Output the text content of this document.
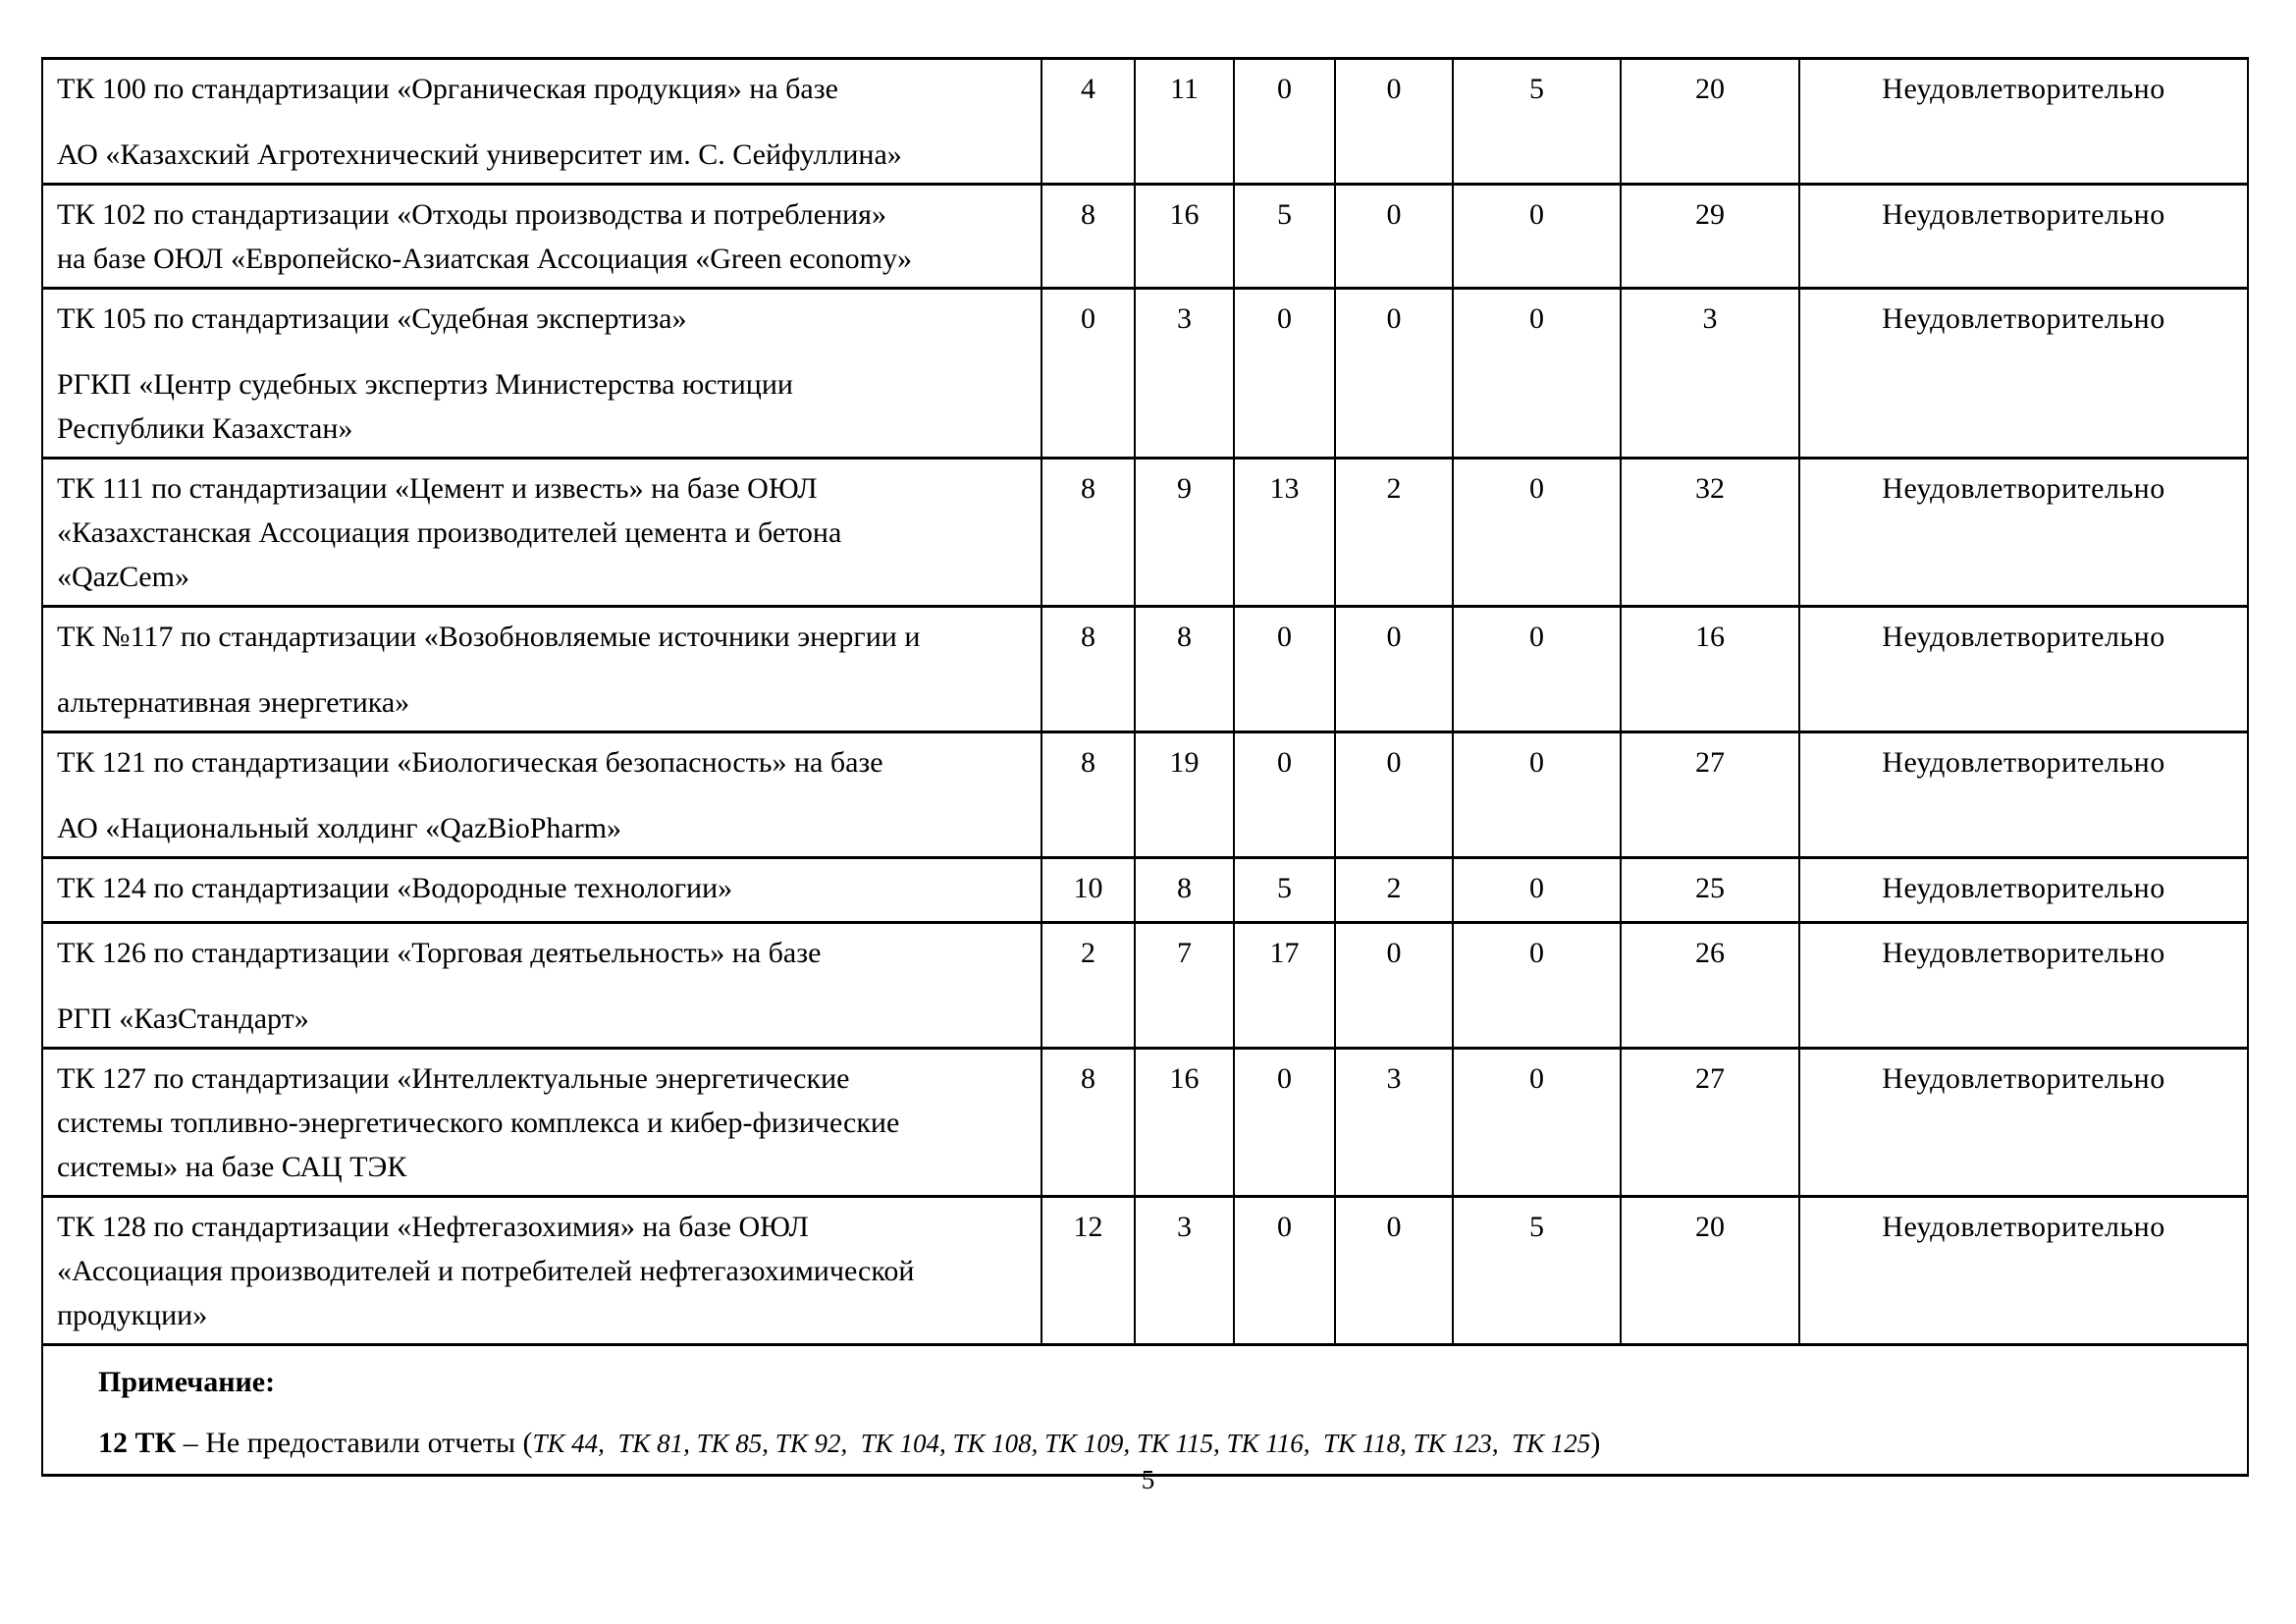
ТК 100 по стандартизации «Органическая продукция» на базе
АО «Казахский Агротехнический университет им. С. Сейфуллина»	4	11	0	0	5	20	Неудовлетворительно

ТК 102 по стандартизации «Отходы производства и потребления»
на базе ОЮЛ «Европейско-Азиатская Ассоциация «Green economy»	8	16	5	0	0	29	Неудовлетворительно

ТК 105 по стандартизации «Судебная экспертиза»
РГКП «Центр судебных экспертиз Министерства юстиции
Республики Казахстан»	0	3	0	0	0	3	Неудовлетворительно

ТК 111 по стандартизации «Цемент и известь» на базе ОЮЛ
«Казахстанская Ассоциация производителей цемента и бетона
«QazCem»	8	9	13	2	0	32	Неудовлетворительно

ТК №117 по стандартизации «Возобновляемые источники энергии и
альтернативная энергетика»	8	8	0	0	0	16	Неудовлетворительно

ТК 121 по стандартизации «Биологическая безопасность» на базе
АО «Национальный холдинг «QazBioPharm»	8	19	0	0	0	27	Неудовлетворительно

ТК 124 по стандартизации «Водородные технологии»	10	8	5	2	0	25	Неудовлетворительно

ТК 126 по стандартизации «Торговая деятьельность» на базе
РГП «КазСтандарт»	2	7	17	0	0	26	Неудовлетворительно

ТК 127 по стандартизации «Интеллектуальные энергетические
системы топливно-энергетического комплекса и кибер-физические
системы» на базе САЦ ТЭК	8	16	0	3	0	27	Неудовлетворительно

ТК 128 по стандартизации «Нефтегазохимия» на базе ОЮЛ
«Ассоциация производителей и потребителей нефтегазохимической
продукции»	12	3	0	0	5	20	Неудовлетворительно

Примечание:
12 ТК – Не предоставили отчеты (ТК 44,  ТК 81, ТК 85, ТК 92,  ТК 104, ТК 108, ТК 109, ТК 115, ТК 116,  ТК 118, ТК 123,  ТК 125)							
5
